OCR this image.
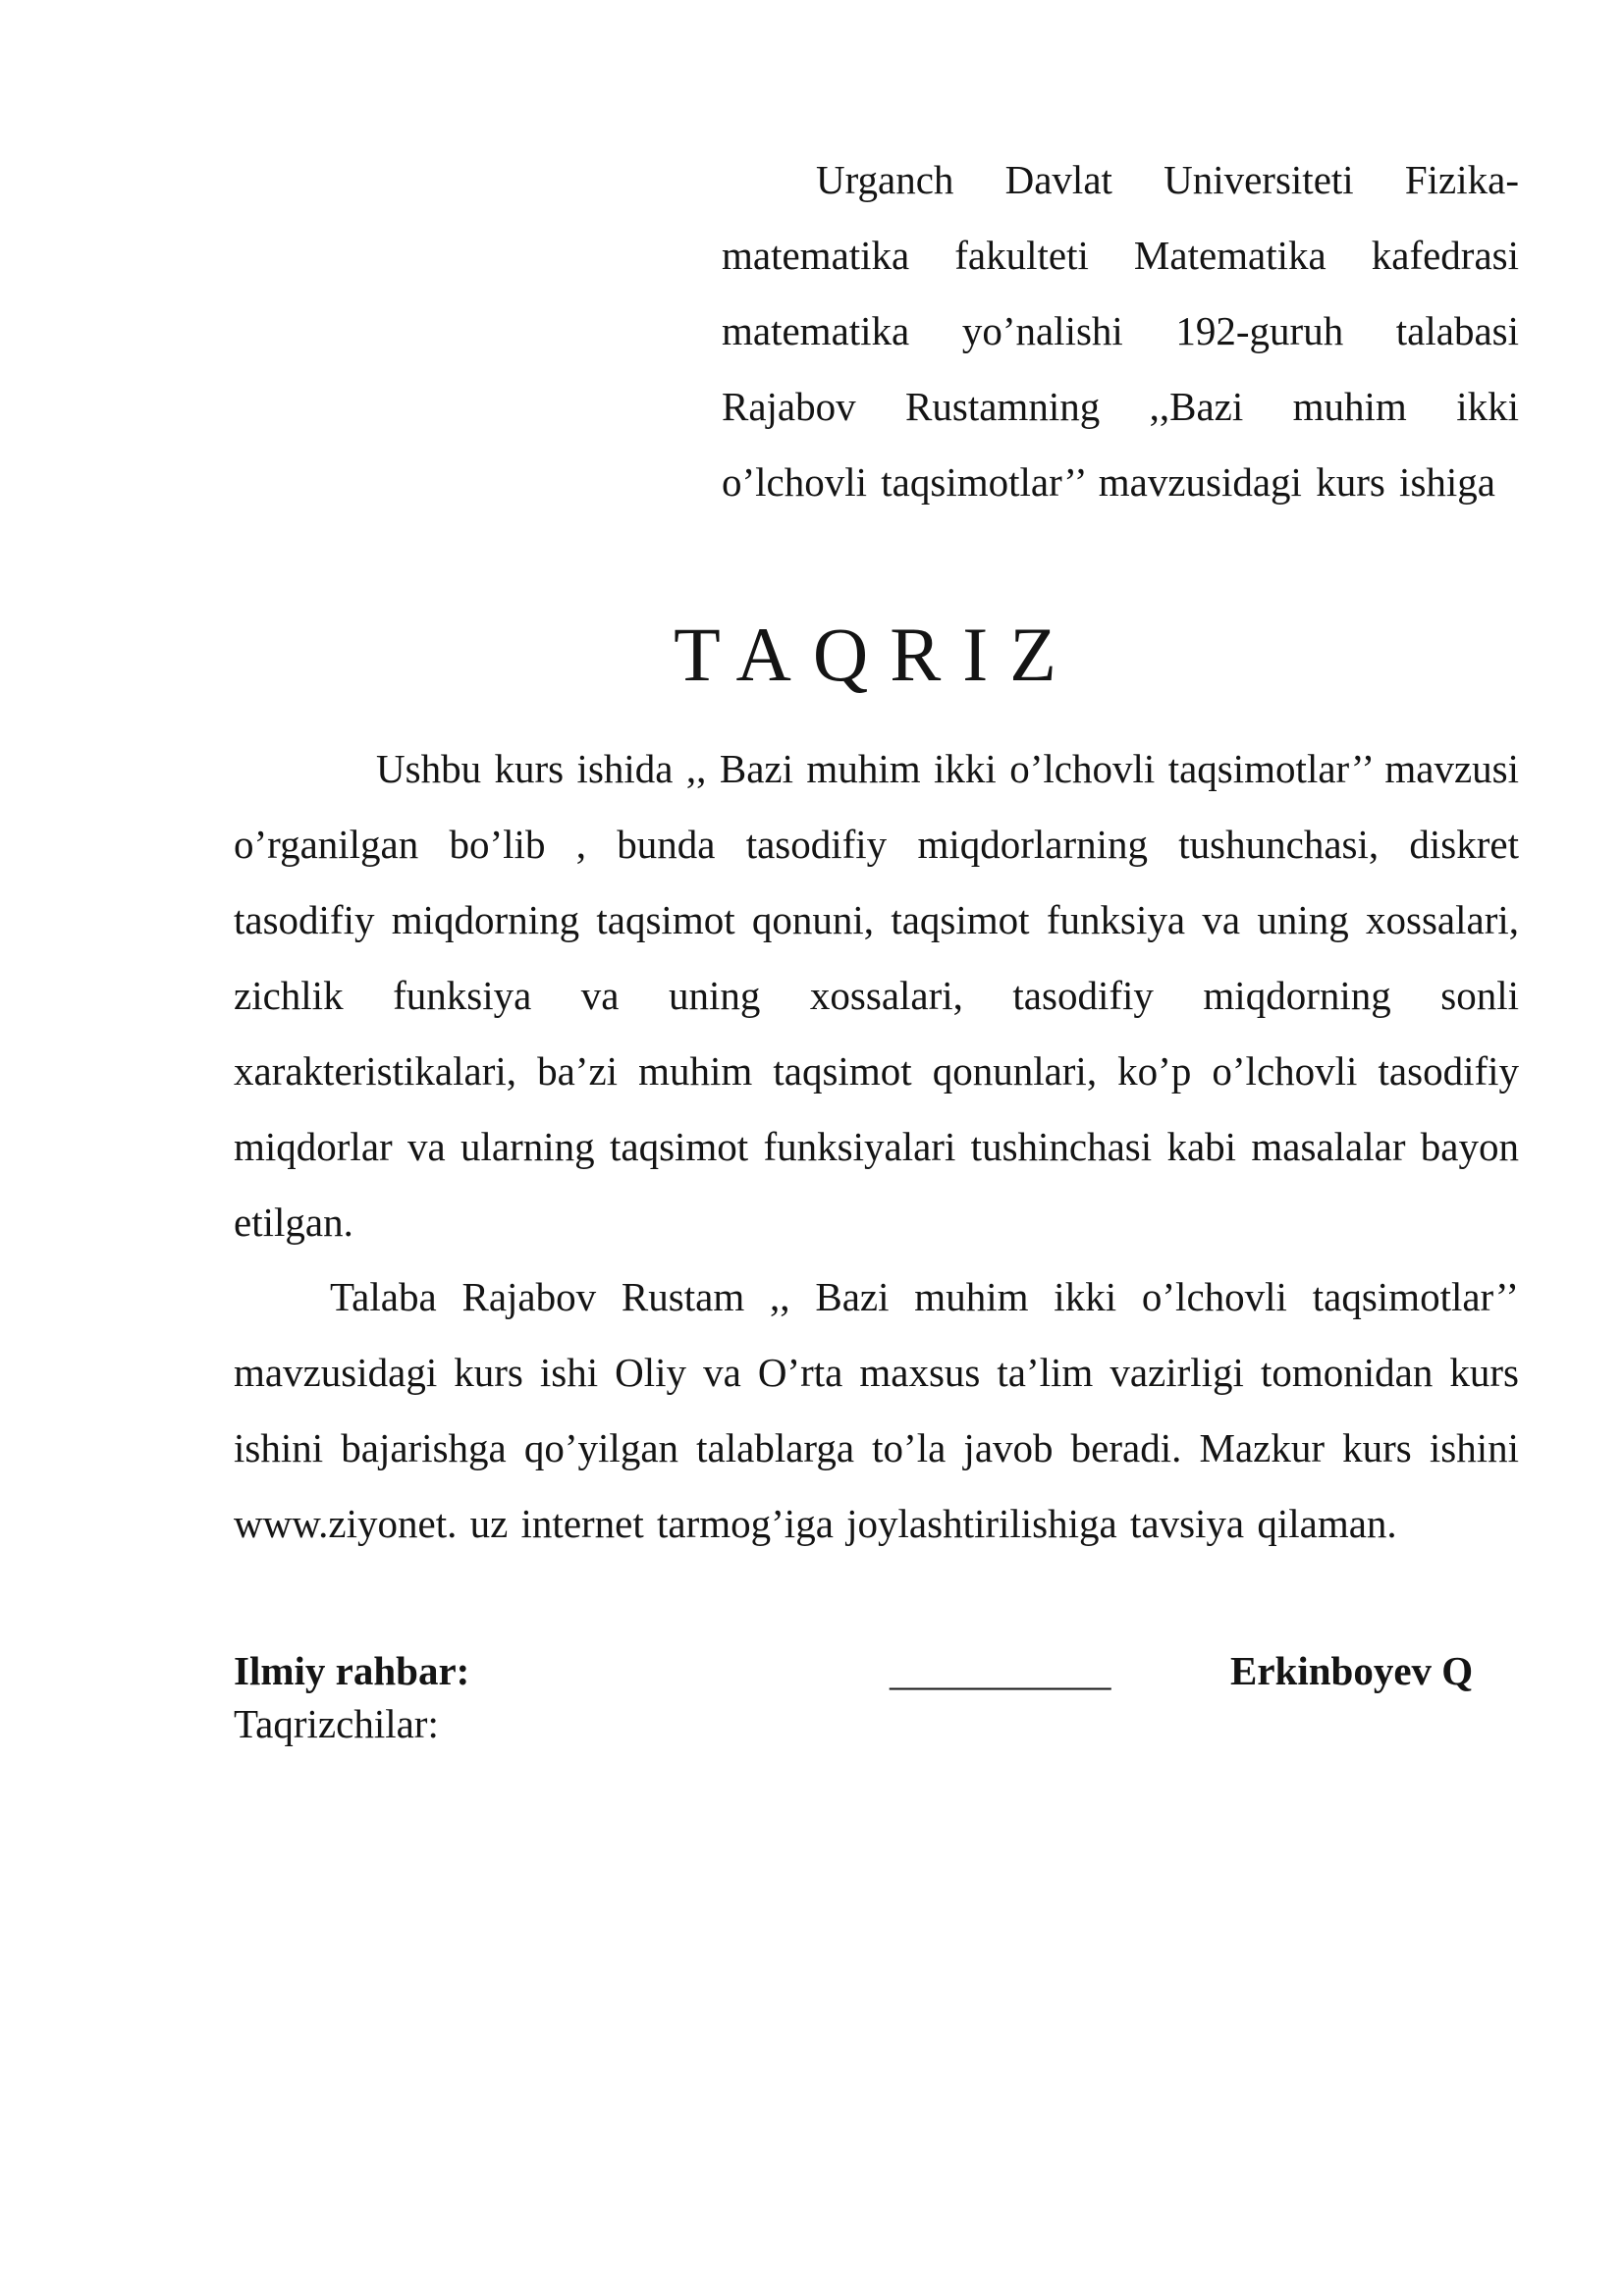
Urganch Davlat Universiteti Fizika-matematika fakulteti Matematika kafedrasi matematika yo’nalishi 192-guruh talabasi Rajabov Rustamning ,,Bazi muhim ikki o’lchovli taqsimotlar’’ mavzusidagi kurs ishiga
TAQRIZ

Ushbu kurs ishida ,, Bazi muhim ikki o’lchovli taqsimotlar’’ mavzusi o’rganilgan bo’lib , bunda tasodifiy miqdorlarning tushunchasi, diskret tasodifiy miqdorning taqsimot qonuni, taqsimot funksiya va uning xossalari, zichlik funksiya va uning xossalari, tasodifiy miqdorning sonli xarakteristikalari, ba’zi muhim taqsimot qonunlari, ko’p o’lchovli tasodifiy miqdorlar va ularning taqsimot funksiyalari tushinchasi kabi masalalar bayon etilgan.

Talaba Rajabov Rustam ,, Bazi muhim ikki o’lchovli taqsimotlar’’ mavzusidagi kurs ishi Oliy va O’rta maxsus ta’lim vazirligi tomonidan kurs ishini bajarishga qo’yilgan talablarga to’la javob beradi. Mazkur kurs ishini www.ziyonet. uz internet tarmog’iga joylashtirilishiga tavsiya qilaman.

Ilmiy rahbar:	___________	Erkinboyev Q
Taqrizchilar:
